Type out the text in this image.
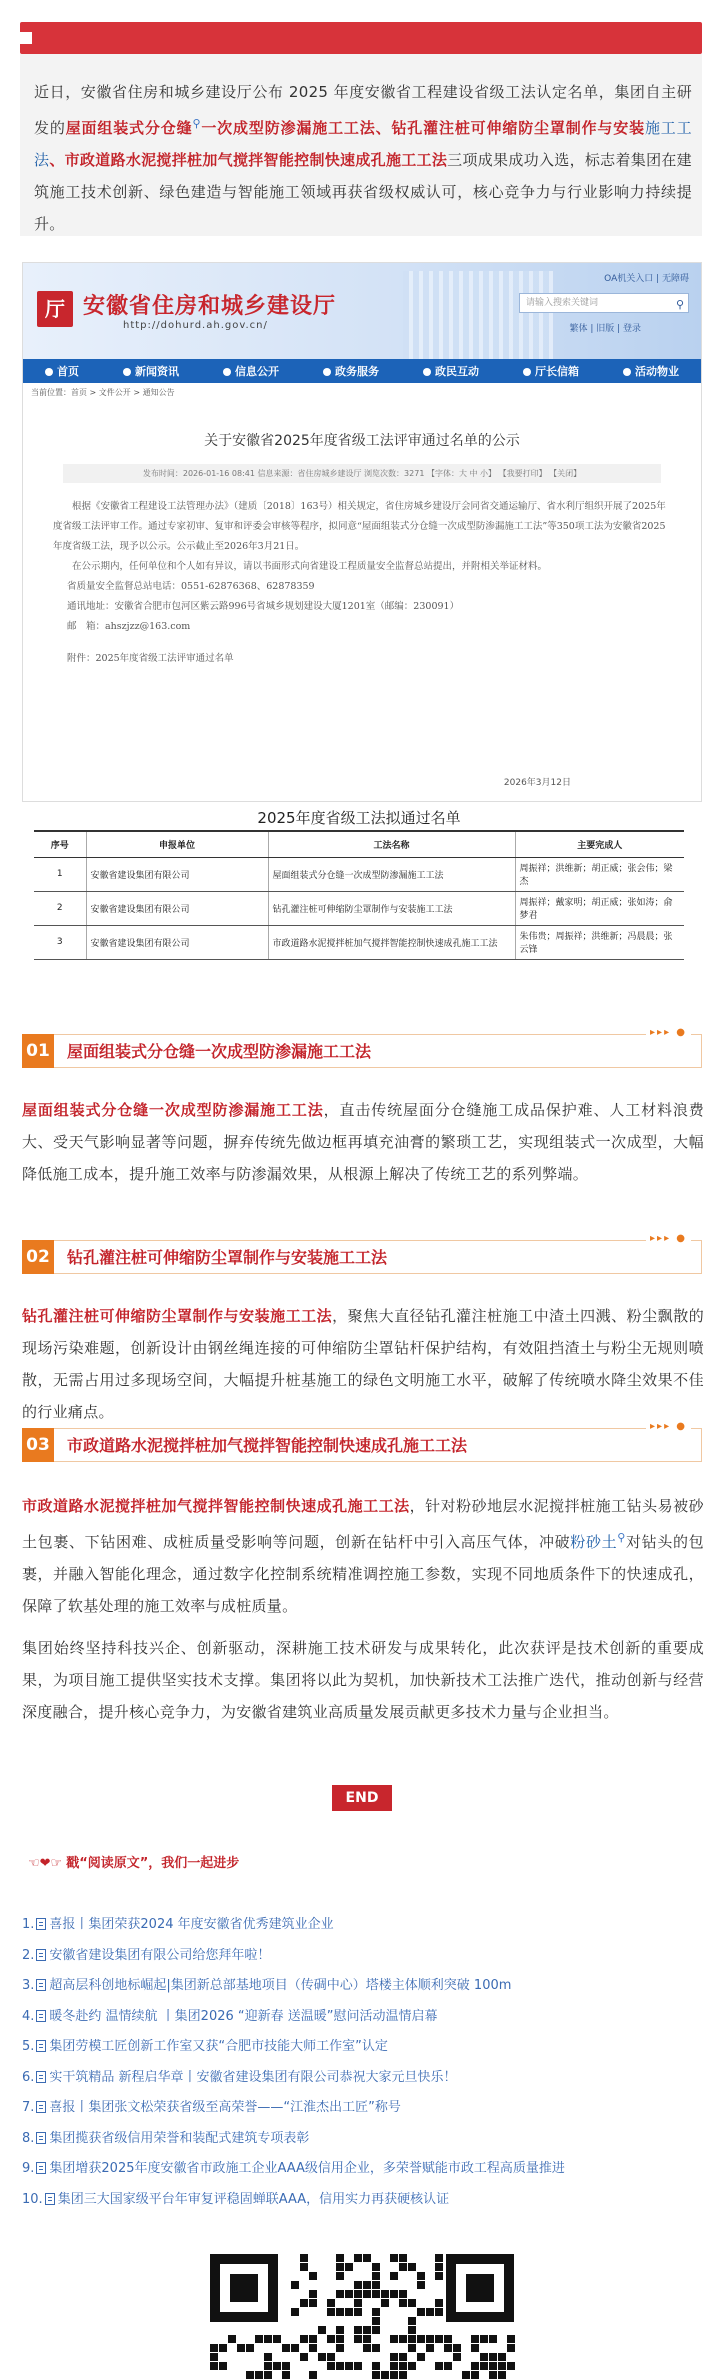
近日，安徽省住房和城乡建设厅公布 2025 年度安徽省工程建设省级工法认定名单，集团自主研发的屋面组装式分仓缝⚲一次成型防渗漏施工工法、钻孔灌注桩可伸缩防尘罩制作与安装施工工法、市政道路水泥搅拌桩加气搅拌智能控制快速成孔施工工法三项成果成功入选，标志着集团在建筑施工技术创新、绿色建造与智能施工领域再获省级权威认可，核心竞争力与行业影响力持续提升。

厅 安徽省住房和城乡建设厅
http://dohurd.ah.gov.cn/
OA机关入口 | 无障碍
请输入搜索关键词	⚲
繁体 | 旧版 | 登录
首页	新闻资讯	信息公开	政务服务	政民互动	厅长信箱	活动物业
当前位置：首页 > 文件公开 > 通知公告
关于安徽省2025年度省级工法评审通过名单的公示
发布时间：2026-01-16 08:41 信息来源：省住房城乡建设厅 浏览次数：3271 【字体：大 中 小】 【我要打印】 【关闭】

根据《安徽省工程建设工法管理办法》（建质〔2018〕163号）相关规定，省住房城乡建设厅会同省交通运输厅、省水利厅组织开展了2025年度省级工法评审工作。通过专家初审、复审和评委会审核等程序，拟同意“屋面组装式分仓缝一次成型防渗漏施工工法”等350项工法为安徽省2025年度省级工法，现予以公示。公示截止至2026年3月21日。

在公示期内，任何单位和个人如有异议，请以书面形式向省建设工程质量安全监督总站提出，并附相关举证材料。

省质量安全监督总站电话：0551-62876368、62878359
通讯地址：安徽省合肥市包河区紫云路996号省城乡规划建设大厦1201室（邮编：230091）
邮　箱：ahszjzz@163.com
附件：2025年度省级工法评审通过名单
2026年3月12日
2025年度省级工法拟通过名单
序号	申报单位	工法名称	主要完成人
1	安徽省建设集团有限公司	屋面组装式分仓缝一次成型防渗漏施工工法	周振祥；洪维新；胡正威；张会伟；梁杰
2	安徽省建设集团有限公司	钻孔灌注桩可伸缩防尘罩制作与安装施工工法	周振祥；戴家明；胡正威；张如涛；俞梦君
3	安徽省建设集团有限公司	市政道路水泥搅拌桩加气搅拌智能控制快速成孔施工工法	朱伟贵；周振祥；洪维新；冯晨晨；张云锋
01 屋面组装式分仓缝一次成型防渗漏施工工法
▸▸▸ ●

屋面组装式分仓缝一次成型防渗漏施工工法，直击传统屋面分仓缝施工成品保护难、人工材料浪费大、受天气影响显著等问题，摒弃传统先做边框再填充油膏的繁琐工艺，实现组装式一次成型，大幅降低施工成本，提升施工效率与防渗漏效果，从根源上解决了传统工艺的系列弊端。

02 钻孔灌注桩可伸缩防尘罩制作与安装施工工法
▸▸▸ ●

钻孔灌注桩可伸缩防尘罩制作与安装施工工法，聚焦大直径钻孔灌注桩施工中渣土四溅、粉尘飘散的现场污染难题，创新设计由钢丝绳连接的可伸缩防尘罩钻杆保护结构，有效阻挡渣土与粉尘无规则喷散，无需占用过多现场空间，大幅提升桩基施工的绿色文明施工水平，破解了传统喷水降尘效果不佳的行业痛点。

03 市政道路水泥搅拌桩加气搅拌智能控制快速成孔施工工法
▸▸▸ ●

市政道路水泥搅拌桩加气搅拌智能控制快速成孔施工工法，针对粉砂地层水泥搅拌桩施工钻头易被砂土包裹、下钻困难、成桩质量受影响等问题，创新在钻杆中引入高压气体，冲破粉砂土⚲对钻头的包裹，并融入智能化理念，通过数字化控制系统精准调控施工参数，实现不同地质条件下的快速成孔，保障了软基处理的施工效率与成桩质量。

集团始终坚持科技兴企、创新驱动，深耕施工技术研发与成果转化，此次获评是技术创新的重要成果，为项目施工提供坚实技术支撑。集团将以此为契机，加快新技术工法推广迭代，推动创新与经营深度融合，提升核心竞争力，为安徽省建筑业高质量发展贡献更多技术力量与企业担当。

END
☜❤☞ 戳“阅读原文”，我们一起进步
1. 喜报丨集团荣获2024 年度安徽省优秀建筑业企业
2. 安徽省建设集团有限公司给您拜年啦！
3. 超高层科创地标崛起|集团新总部基地项目（传碉中心）塔楼主体顺利突破 100m
4. 暖冬赴约 温情续航 丨集团2026 “迎新春 送温暖”慰问活动温情启幕
5. 集团劳模工匠创新工作室又获“合肥市技能大师工作室”认定
6. 实干筑精品 新程启华章丨安徽省建设集团有限公司恭祝大家元旦快乐！
7. 喜报丨集团张文松荣获省级至高荣誉——“江淮杰出工匠”称号
8. 集团揽获省级信用荣誉和装配式建筑专项表彰
9. 集团增获2025年度安徽省市政施工企业AAA级信用企业，多荣誉赋能市政工程高质量推进
10. 集团三大国家级平台年审复评稳固蝉联AAA，信用实力再获硬核认证
